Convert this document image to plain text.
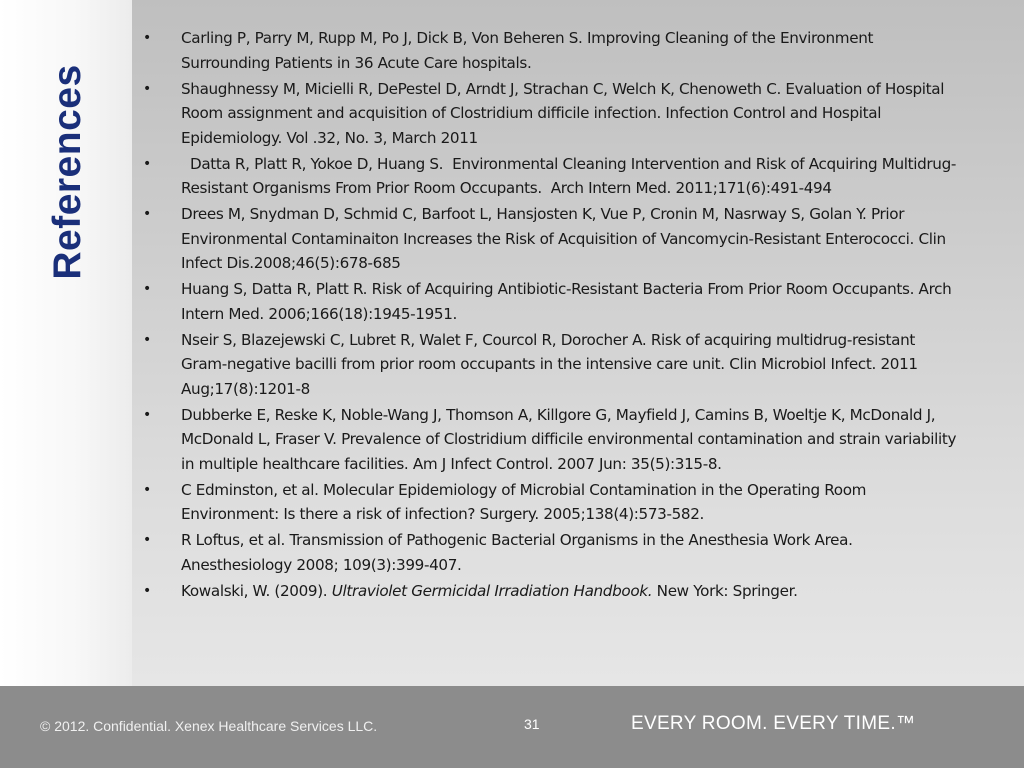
References
• Carling P, Parry M, Rupp M, Po J, Dick B, Von Beheren S. Improving Cleaning of the Environment Surrounding Patients in 36 Acute Care hospitals.
• Shaughnessy M, Micielli R, DePestel D, Arndt J, Strachan C, Welch K, Chenoweth C. Evaluation of Hospital Room assignment and acquisition of Clostridium difficile infection. Infection Control and Hospital Epidemiology. Vol .32, No. 3, March 2011
• Datta R, Platt R, Yokoe D, Huang S.  Environmental Cleaning Intervention and Risk of Acquiring Multidrug-Resistant Organisms From Prior Room Occupants.  Arch Intern Med. 2011;171(6):491-494
• Drees M, Snydman D, Schmid C, Barfoot L, Hansjosten K, Vue P, Cronin M, Nasrway S, Golan Y. Prior Environmental Contaminaiton Increases the Risk of Acquisition of Vancomycin-Resistant Enterococci. Clin Infect Dis.2008;46(5):678-685
• Huang S, Datta R, Platt R. Risk of Acquiring Antibiotic-Resistant Bacteria From Prior Room Occupants. Arch Intern Med. 2006;166(18):1945-1951.
• Nseir S, Blazejewski C, Lubret R, Walet F, Courcol R, Dorocher A. Risk of acquiring multidrug-resistant Gram-negative bacilli from prior room occupants in the intensive care unit. Clin Microbiol Infect. 2011 Aug;17(8):1201-8
• Dubberke E, Reske K, Noble-Wang J, Thomson A, Killgore G, Mayfield J, Camins B, Woeltje K, McDonald J, McDonald L, Fraser V. Prevalence of Clostridium difficile environmental contamination and strain variability in multiple healthcare facilities. Am J Infect Control. 2007 Jun: 35(5):315-8.
• C Edminston, et al. Molecular Epidemiology of Microbial Contamination in the Operating Room Environment: Is there a risk of infection? Surgery. 2005;138(4):573-582.
• R Loftus, et al. Transmission of Pathogenic Bacterial Organisms in the Anesthesia Work Area. Anesthesiology 2008; 109(3):399-407.
• Kowalski, W. (2009). Ultraviolet Germicidal Irradiation Handbook. New York: Springer.
© 2012. Confidential. Xenex Healthcare Services LLC.	31	EVERY ROOM. EVERY TIME.™
